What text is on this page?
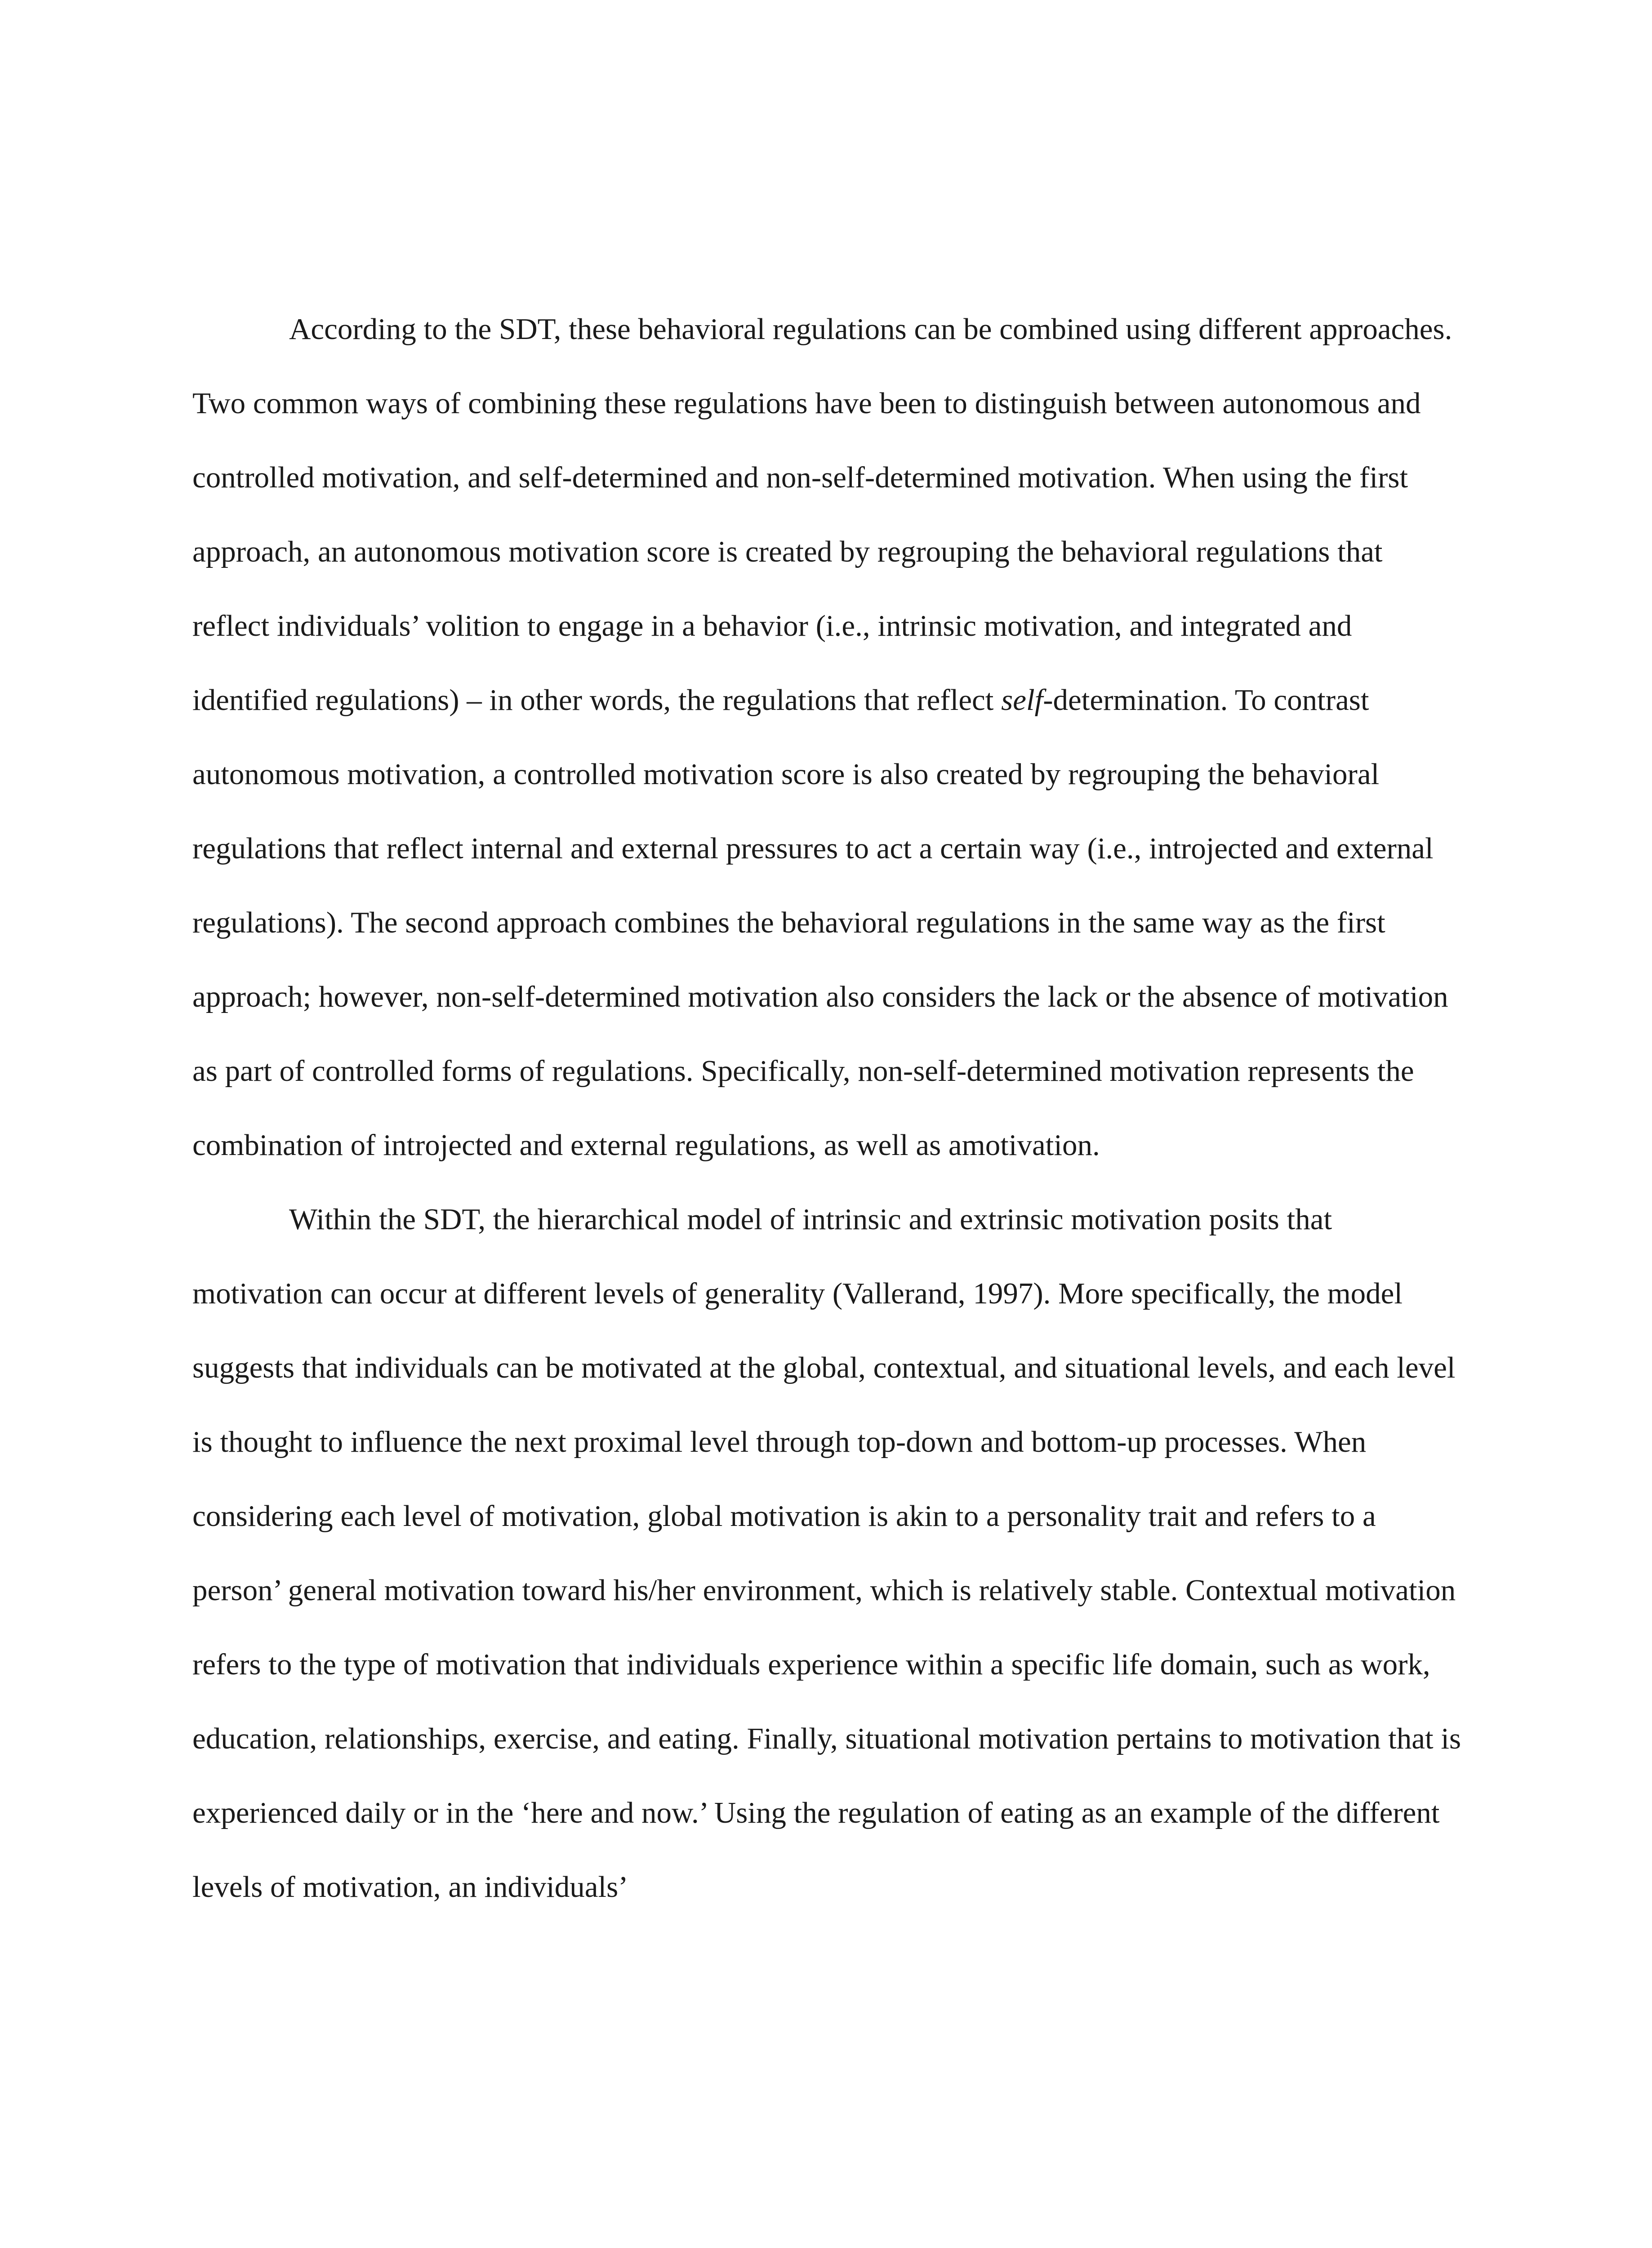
According to the SDT, these behavioral regulations can be combined using different approaches. Two common ways of combining these regulations have been to distinguish between autonomous and controlled motivation, and self-determined and non-self-determined motivation. When using the first approach, an autonomous motivation score is created by regrouping the behavioral regulations that reflect individuals’ volition to engage in a behavior (i.e., intrinsic motivation, and integrated and identified regulations) – in other words, the regulations that reflect self-determination. To contrast autonomous motivation, a controlled motivation score is also created by regrouping the behavioral regulations that reflect internal and external pressures to act a certain way (i.e., introjected and external regulations). The second approach combines the behavioral regulations in the same way as the first approach; however, non-self-determined motivation also considers the lack or the absence of motivation as part of controlled forms of regulations. Specifically, non-self-determined motivation represents the combination of introjected and external regulations, as well as amotivation.

Within the SDT, the hierarchical model of intrinsic and extrinsic motivation posits that motivation can occur at different levels of generality (Vallerand, 1997). More specifically, the model suggests that individuals can be motivated at the global, contextual, and situational levels, and each level is thought to influence the next proximal level through top-down and bottom-up processes. When considering each level of motivation, global motivation is akin to a personality trait and refers to a person’ general motivation toward his/her environment, which is relatively stable. Contextual motivation refers to the type of motivation that individuals experience within a specific life domain, such as work, education, relationships, exercise, and eating. Finally, situational motivation pertains to motivation that is experienced daily or in the ‘here and now.’ Using the regulation of eating as an example of the different levels of motivation, an individuals’
